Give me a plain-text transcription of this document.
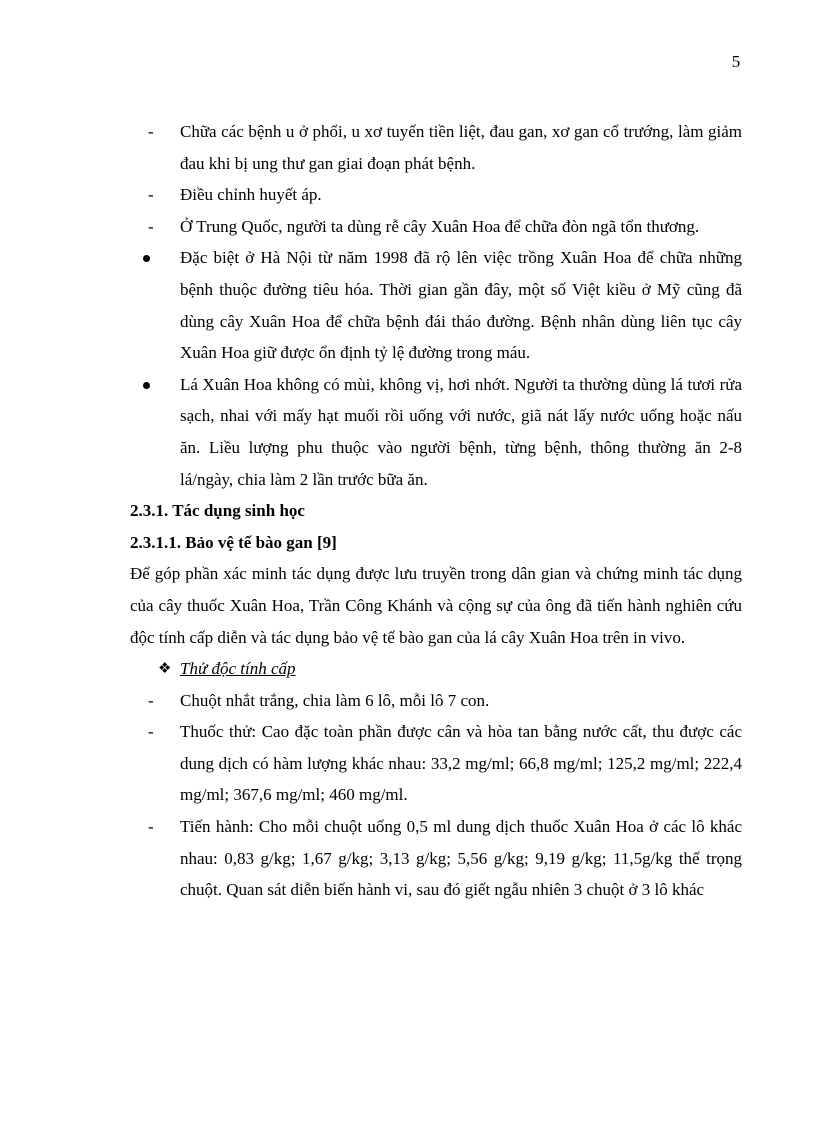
5
- Chữa các bệnh u ở phổi, u xơ tuyến tiền liệt, đau gan, xơ gan cổ trướng, làm giảm đau khi bị ung thư gan giai đoạn phát bệnh.
- Điều chỉnh huyết áp.
- Ở Trung Quốc, người ta dùng rễ cây Xuân Hoa để chữa đòn ngã tổn thương.
Đặc biệt ở Hà Nội từ năm 1998 đã rộ lên việc trồng Xuân Hoa để chữa những bệnh thuộc đường tiêu hóa. Thời gian gần đây, một số Việt kiều ở Mỹ cũng đã dùng cây Xuân Hoa để chữa bệnh đái tháo đường. Bệnh nhân dùng liên tục cây Xuân Hoa giữ được ổn định tỷ lệ đường trong máu.
Lá Xuân Hoa không có mùi, không vị, hơi nhớt. Người ta thường dùng lá tươi rửa sạch, nhai với mấy hạt muối rồi uống với nước, giã nát lấy nước uống hoặc nấu ăn. Liều lượng phu thuộc vào người bệnh, từng bệnh, thông thường ăn 2-8 lá/ngày, chia làm 2 lần trước bữa ăn.
2.3.1. Tác dụng sinh học
2.3.1.1. Bảo vệ tế bào gan [9]
Để góp phần xác minh tác dụng được lưu truyền trong dân gian và chứng minh tác dụng của cây thuốc Xuân Hoa, Trần Công Khánh và cộng sự của ông đã tiến hành nghiên cứu độc tính cấp diễn và tác dụng bảo vệ tế bào gan của lá cây Xuân Hoa trên in vivo.
❖ Thử độc tính cấp
- Chuột nhắt trắng, chia làm 6 lô, mỗi lô 7 con.
- Thuốc thử: Cao đặc toàn phần được cân và hòa tan bằng nước cất, thu được các dung dịch có hàm lượng khác nhau: 33,2 mg/ml; 66,8 mg/ml; 125,2 mg/ml; 222,4 mg/ml; 367,6 mg/ml; 460 mg/ml.
- Tiến hành: Cho mỗi chuột uống 0,5 ml dung dịch thuốc Xuân Hoa ở các lô khác nhau: 0,83 g/kg; 1,67 g/kg; 3,13 g/kg; 5,56 g/kg; 9,19 g/kg; 11,5g/kg thể trọng chuột. Quan sát diễn biến hành vi, sau đó giết ngẫu nhiên 3 chuột ở 3 lô khác
